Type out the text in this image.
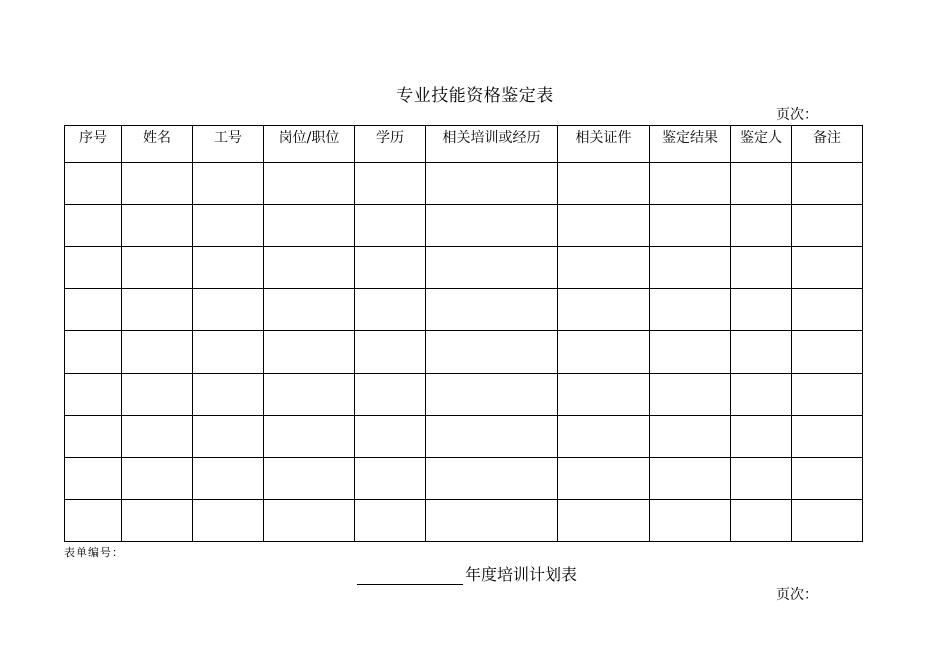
专业技能资格鉴定表
页次：
序号	姓名	工号	岗位/职位	学历	相关培训或经历	相关证件	鉴定结果	鉴定人	备注

表单编号：
年度培训计划表
页次：
